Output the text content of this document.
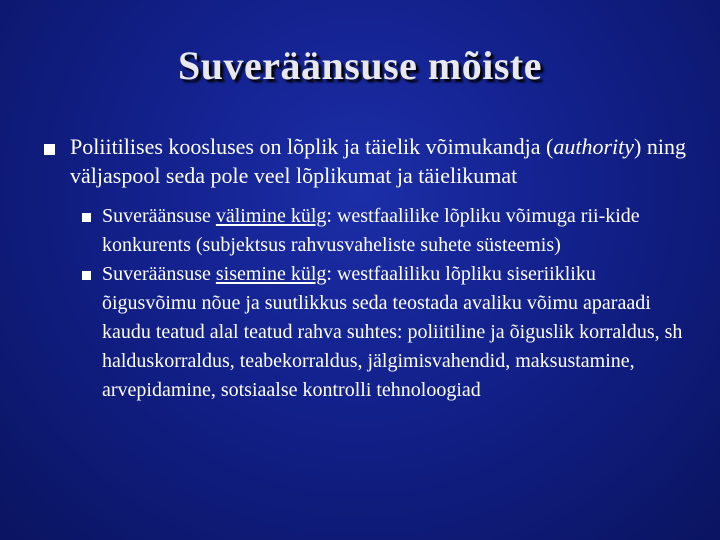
Suveräänsuse mõiste
Poliitilises koosluses on lõplik ja täielik võimukandja (authority) ning väljaspool seda pole veel lõplikumat ja täielikumat
Suveräänsuse välimine külg: westfaalilike lõpliku võimuga rii-kide konkurents (subjektsus rahvusvaheliste suhete süsteemis)
Suveräänsuse sisemine külg: westfaaliliku lõpliku siseriikliku õigusvõimu nõue ja suutlikkus seda teostada avaliku võimu aparaadi kaudu teatud alal teatud rahva suhtes: poliitiline ja õiguslik korraldus, sh halduskorraldus, teabekorraldus, jälgimisvahendid, maksustamine, arvepidamine, sotsiaalse kontrolli tehnoloogiad
